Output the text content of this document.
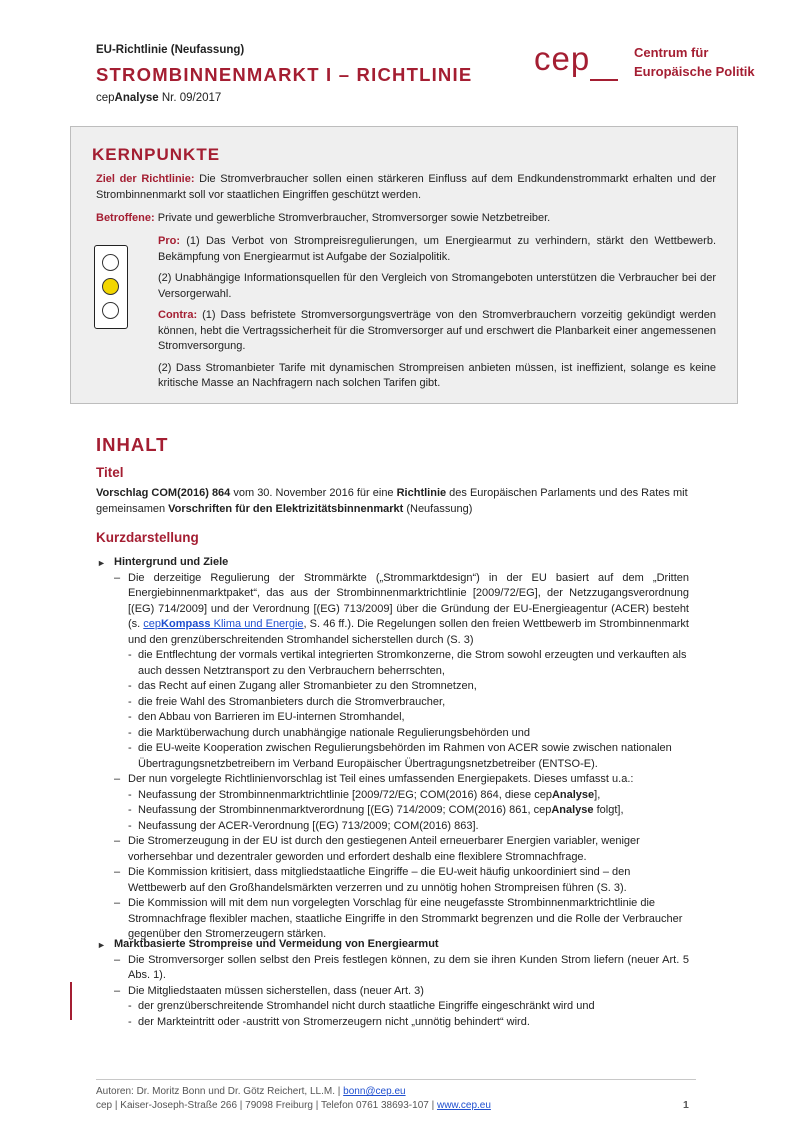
EU-Richtlinie (Neufassung)
STROMBINNENMARKT I – RICHTLINIE
cepAnalyse Nr. 09/2017
cep	Centrum für
Europäische Politik
KERNPUNKTE
Ziel der Richtlinie: Die Stromverbraucher sollen einen stärkeren Einfluss auf dem Endkundenstrommarkt erhalten und der Strombinnenmarkt soll vor staatlichen Eingriffen geschützt werden.
Betroffene: Private und gewerbliche Stromverbraucher, Stromversorger sowie Netzbetreiber.
Pro: (1) Das Verbot von Strompreisregulierungen, um Energiearmut zu verhindern, stärkt den Wettbewerb. Bekämpfung von Energiearmut ist Aufgabe der Sozialpolitik.
(2) Unabhängige Informationsquellen für den Vergleich von Stromangeboten unterstützen die Verbraucher bei der Versorgerwahl.
Contra: (1) Dass befristete Stromversorgungsverträge von den Stromverbrauchern vorzeitig gekündigt werden können, hebt die Vertragssicherheit für die Stromversorger auf und erschwert die Planbarkeit einer angemessenen Stromversorgung.
(2) Dass Stromanbieter Tarife mit dynamischen Strompreisen anbieten müssen, ist ineffizient, solange es keine kritische Masse an Nachfragern nach solchen Tarifen gibt.
INHALT
Titel
Vorschlag COM(2016) 864 vom 30. November 2016 für eine Richtlinie des Europäischen Parlaments und des Rates mit gemeinsamen Vorschriften für den Elektrizitätsbinnenmarkt (Neufassung)
Kurzdarstellung
► Hintergrund und Ziele
– Die derzeitige Regulierung der Strommärkte („Strommarktdesign“) in der EU basiert auf dem „Dritten Energiebinnenmarktpaket“, das aus der Strombinnenmarktrichtlinie [2009/72/EG], der Netzzugangsverordnung [(EG) 714/2009] und der Verordnung [(EG) 713/2009] über die Gründung der EU-Energieagentur (ACER) besteht (s. cepKompass Klima und Energie, S. 46 ff.). Die Regelungen sollen den freien Wettbewerb im Strombinnenmarkt und den grenzüberschreitenden Stromhandel sicherstellen durch (S. 3)
- die Entflechtung der vormals vertikal integrierten Stromkonzerne, die Strom sowohl erzeugten und verkauften als auch dessen Netztransport zu den Verbrauchern beherrschten,
- das Recht auf einen Zugang aller Stromanbieter zu den Stromnetzen,
- die freie Wahl des Stromanbieters durch die Stromverbraucher,
- den Abbau von Barrieren im EU-internen Stromhandel,
- die Marktüberwachung durch unabhängige nationale Regulierungsbehörden und
- die EU-weite Kooperation zwischen Regulierungsbehörden im Rahmen von ACER sowie zwischen nationalen Übertragungsnetzbetreibern im Verband Europäischer Übertragungsnetzbetreiber (ENTSO-E).
– Der nun vorgelegte Richtlinienvorschlag ist Teil eines umfassenden Energiepakets. Dieses umfasst u.a.:
- Neufassung der Strombinnenmarktrichtlinie [2009/72/EG; COM(2016) 864, diese cepAnalyse],
- Neufassung der Strombinnenmarktverordnung [(EG) 714/2009; COM(2016) 861, cepAnalyse folgt],
- Neufassung der ACER-Verordnung [(EG) 713/2009; COM(2016) 863].
– Die Stromerzeugung in der EU ist durch den gestiegenen Anteil erneuerbarer Energien variabler, weniger vorhersehbar und dezentraler geworden und erfordert deshalb eine flexiblere Stromnachfrage.
– Die Kommission kritisiert, dass mitgliedstaatliche Eingriffe – die EU-weit häufig unkoordiniert sind – den Wettbewerb auf den Großhandelsmärkten verzerren und zu unnötig hohen Strompreisen führen (S. 3).
– Die Kommission will mit dem nun vorgelegten Vorschlag für eine neugefasste Strombinnenmarktrichtlinie die Stromnachfrage flexibler machen, staatliche Eingriffe in den Strommarkt begrenzen und die Rolle der Verbraucher gegenüber den Stromerzeugern stärken.
► Marktbasierte Strompreise und Vermeidung von Energiearmut
– Die Stromversorger sollen selbst den Preis festlegen können, zu dem sie ihren Kunden Strom liefern (neuer Art. 5 Abs. 1).
– Die Mitgliedstaaten müssen sicherstellen, dass (neuer Art. 3)
- der grenzüberschreitende Stromhandel nicht durch staatliche Eingriffe eingeschränkt wird und
- der Markteintritt oder -austritt von Stromerzeugern nicht „unnötig behindert“ wird.
Autoren: Dr. Moritz Bonn und Dr. Götz Reichert, LL.M. | bonn@cep.eu
cep | Kaiser-Joseph-Straße 266 | 79098 Freiburg | Telefon 0761 38693-107 | www.cep.eu	1
